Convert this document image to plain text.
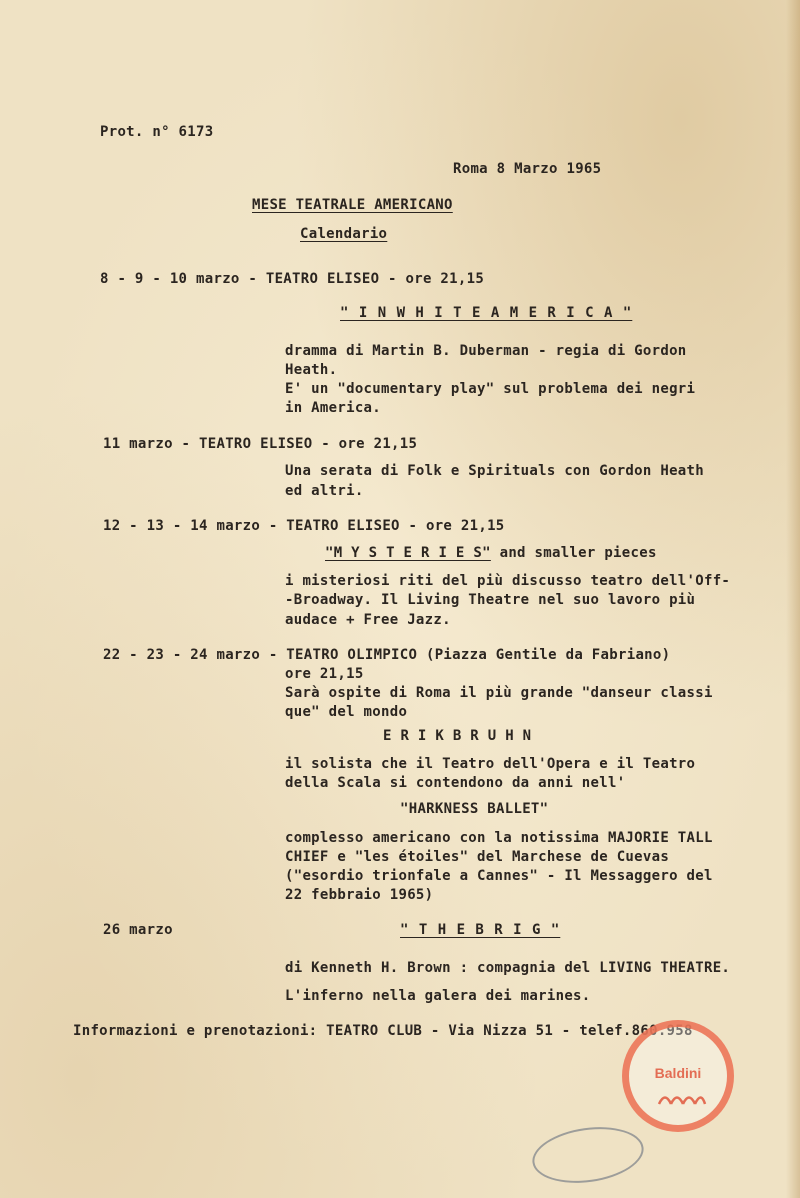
Prot. n° 6173
Roma 8 Marzo 1965
MESE TEATRALE AMERICANO
Calendario
8 - 9 - 10 marzo - TEATRO ELISEO - ore 21,15
" I N W H I T E A M E R I C A "
dramma di Martin B. Duberman - regia di Gordon
Heath.
E' un "documentary play" sul problema dei negri
in America.
11 marzo - TEATRO ELISEO - ore 21,15
Una serata di Folk e Spirituals con Gordon Heath
ed altri.
12 - 13 - 14 marzo - TEATRO ELISEO - ore 21,15
"M Y S T E R I E S" and smaller pieces
i misteriosi riti del più discusso teatro dell'Off-
-Broadway. Il Living Theatre nel suo lavoro più
audace + Free Jazz.
22 - 23 - 24 marzo - TEATRO OLIMPICO (Piazza Gentile da Fabriano)
ore 21,15
Sarà ospite di Roma il più grande "danseur classi
que" del mondo
E R I K B R U H N
il solista che il Teatro dell'Opera e il Teatro
della Scala si contendono da anni nell'
"HARKNESS BALLET"
complesso americano con la notissima MAJORIE TALL
CHIEF e "les étoiles" del Marchese de Cuevas
("esordio trionfale a Cannes" - Il Messaggero del
22 febbraio 1965)
26 marzo	" T H E B R I G "
di Kenneth H. Brown : compagnia del LIVING THEATRE.
L'inferno nella galera dei marines.
Informazioni e prenotazioni: TEATRO CLUB - Via Nizza 51 - telef.860.958
Baldini
